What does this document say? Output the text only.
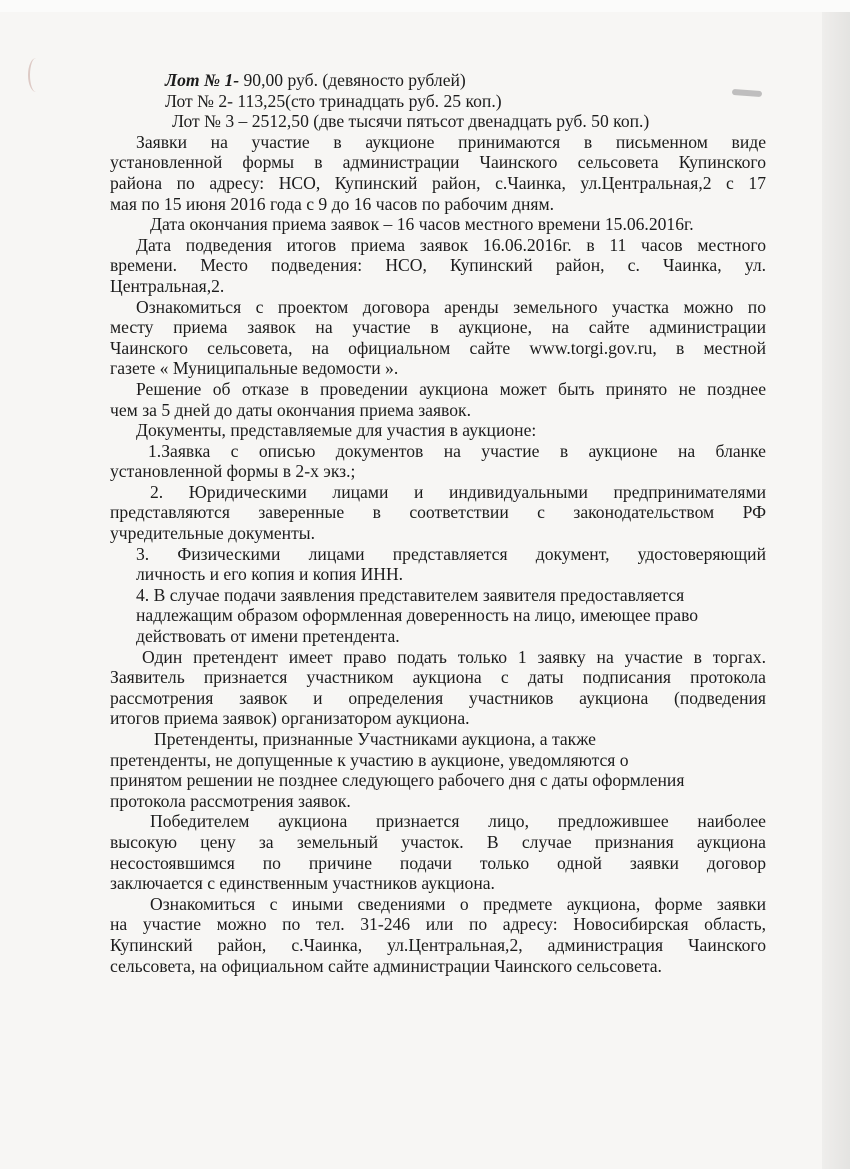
Лот № 1- 90,00 руб. (девяносто рублей)
Лот № 2- 113,25(сто тринадцать руб. 25 коп.)
Лот № 3 – 2512,50 (две тысячи пятьсот двенадцать руб. 50 коп.)
Заявки на участие в аукционе принимаются в письменном виде
установленной формы в администрации Чаинского сельсовета Купинского
района по адресу: НСО, Купинский район, с.Чаинка, ул.Центральная,2 с 17
мая по 15 июня 2016 года с 9 до 16 часов по рабочим дням.
Дата окончания приема заявок – 16 часов местного времени 15.06.2016г.
Дата подведения итогов приема заявок 16.06.2016г. в 11 часов местного
времени. Место подведения: НСО, Купинский район, с. Чаинка, ул.
Центральная,2.
Ознакомиться с проектом договора аренды земельного участка можно по
месту приема заявок на участие в аукционе, на сайте администрации
Чаинского сельсовета, на официальном сайте www.torgi.gov.ru, в местной
газете « Муниципальные ведомости ».
Решение об отказе в проведении аукциона может быть принято не позднее
чем за 5 дней до даты окончания приема заявок.
Документы, представляемые для участия в аукционе:
1.Заявка с описью документов на участие в аукционе на бланке
установленной формы в 2-х экз.;
2. Юридическими лицами и индивидуальными предпринимателями
представляются заверенные в соответствии с законодательством РФ
учредительные документы.
3. Физическими лицами представляется документ, удостоверяющий
личность и его копия и копия ИНН.
4. В случае подачи заявления представителем заявителя предоставляется
надлежащим образом оформленная доверенность на лицо, имеющее право
действовать от имени претендента.
Один претендент имеет право подать только 1 заявку на участие в торгах.
Заявитель признается участником аукциона с даты подписания протокола
рассмотрения заявок и определения участников аукциона (подведения
итогов приема заявок) организатором аукциона.
Претенденты, признанные Участниками аукциона, а также
претенденты, не допущенные к участию в аукционе, уведомляются о
принятом решении не позднее следующего рабочего дня с даты оформления
протокола рассмотрения заявок.
Победителем аукциона признается лицо, предложившее наиболее
высокую цену за земельный участок. В случае признания аукциона
несостоявшимся по причине подачи только одной заявки договор
заключается с единственным участников аукциона.
Ознакомиться с иными сведениями о предмете аукциона, форме заявки
на участие можно по тел. 31-246 или по адресу: Новосибирская область,
Купинский район, с.Чаинка, ул.Центральная,2, администрация Чаинского
сельсовета, на официальном сайте администрации Чаинского сельсовета.
